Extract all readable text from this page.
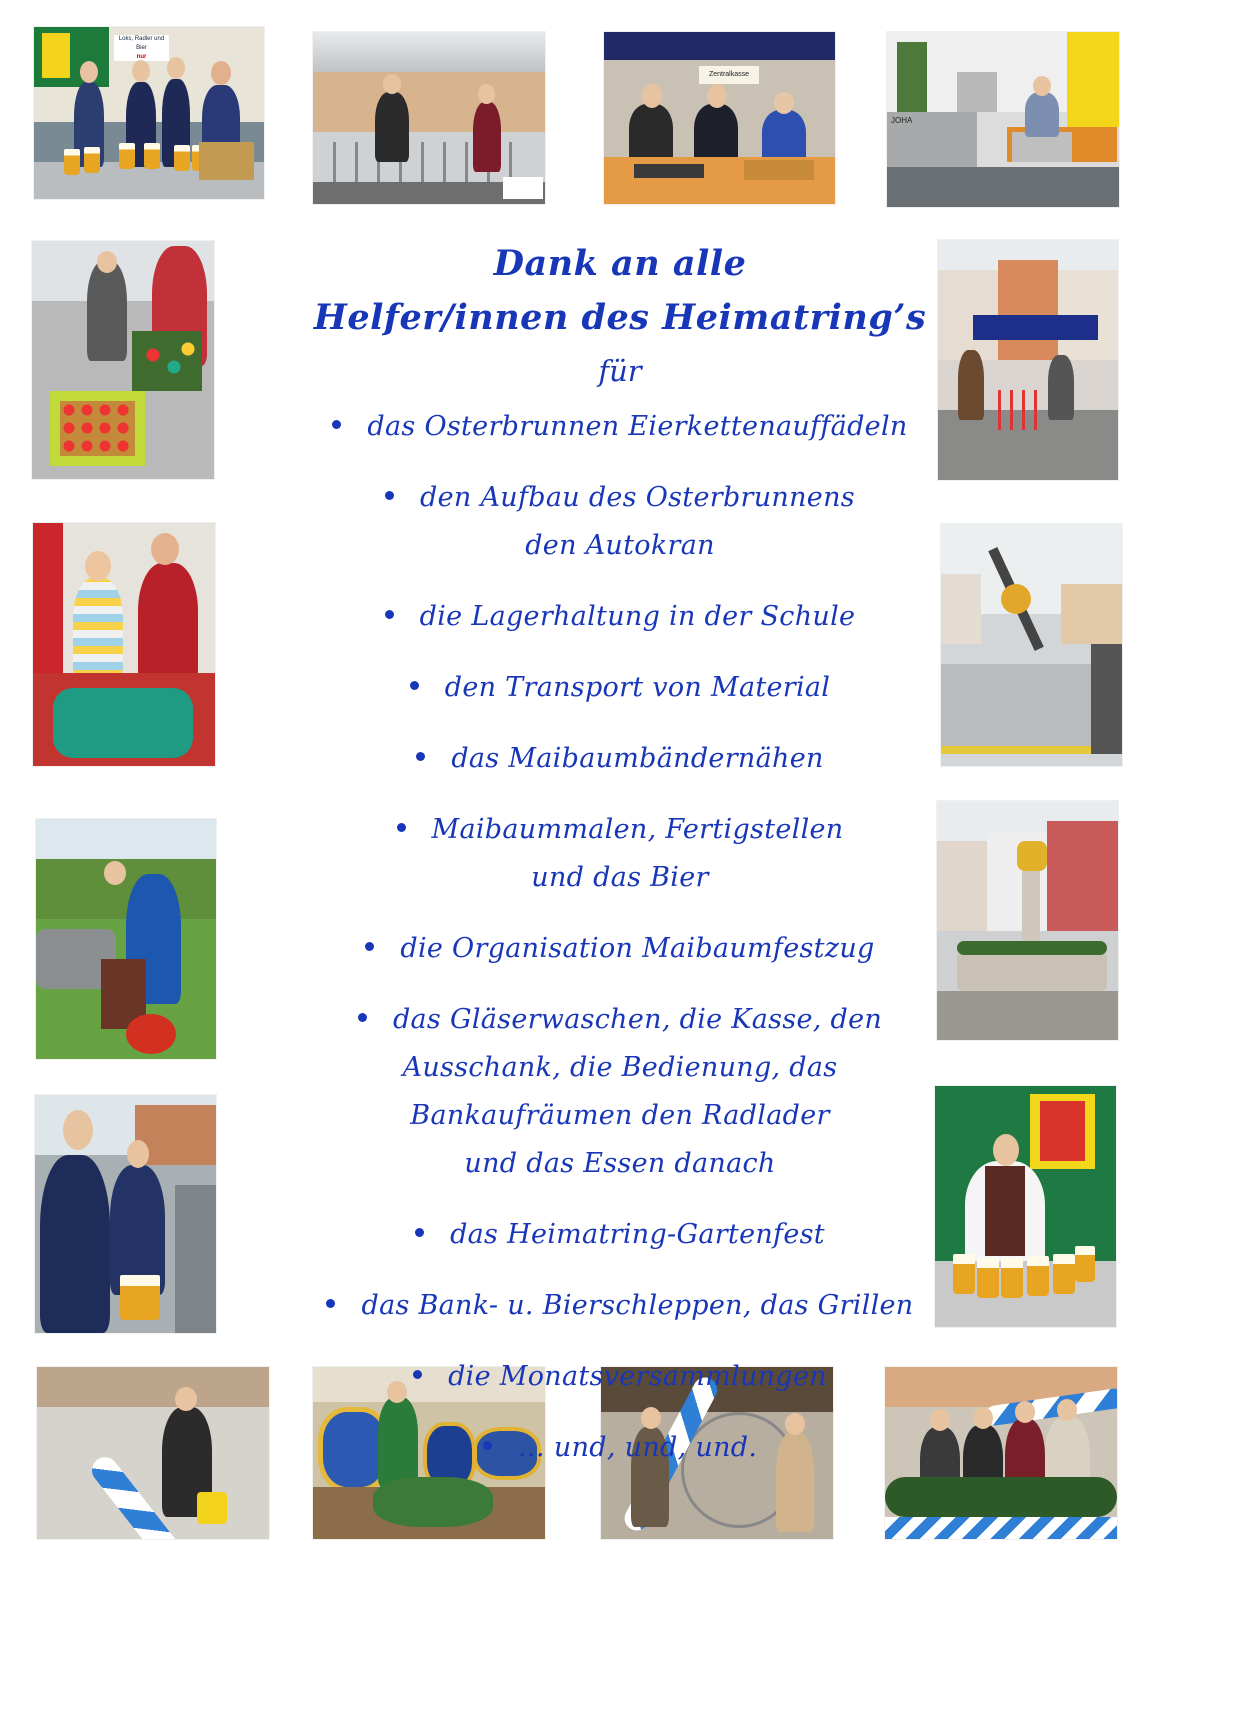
Loks, Radler und Bier
nur
Zentralkasse
JOHA
Dank an alle
Helfer/innen des Heimatring’s
für
das Osterbrunnen Eierkettenauffädeln
den Aufbau des Osterbrunnens
den Autokran
die Lagerhaltung in der Schule
den Transport von Material
das Maibaumbändernähen
Maibaummalen, Fertigstellen
und das Bier
die Organisation Maibaumfestzug
das Gläserwaschen, die Kasse, den
Ausschank, die Bedienung, das
Bankaufräumen den Radlader
und das Essen danach
das Heimatring-Gartenfest
das Bank- u. Bierschleppen, das Grillen
die Monatsversammlungen
… und, und, und.
